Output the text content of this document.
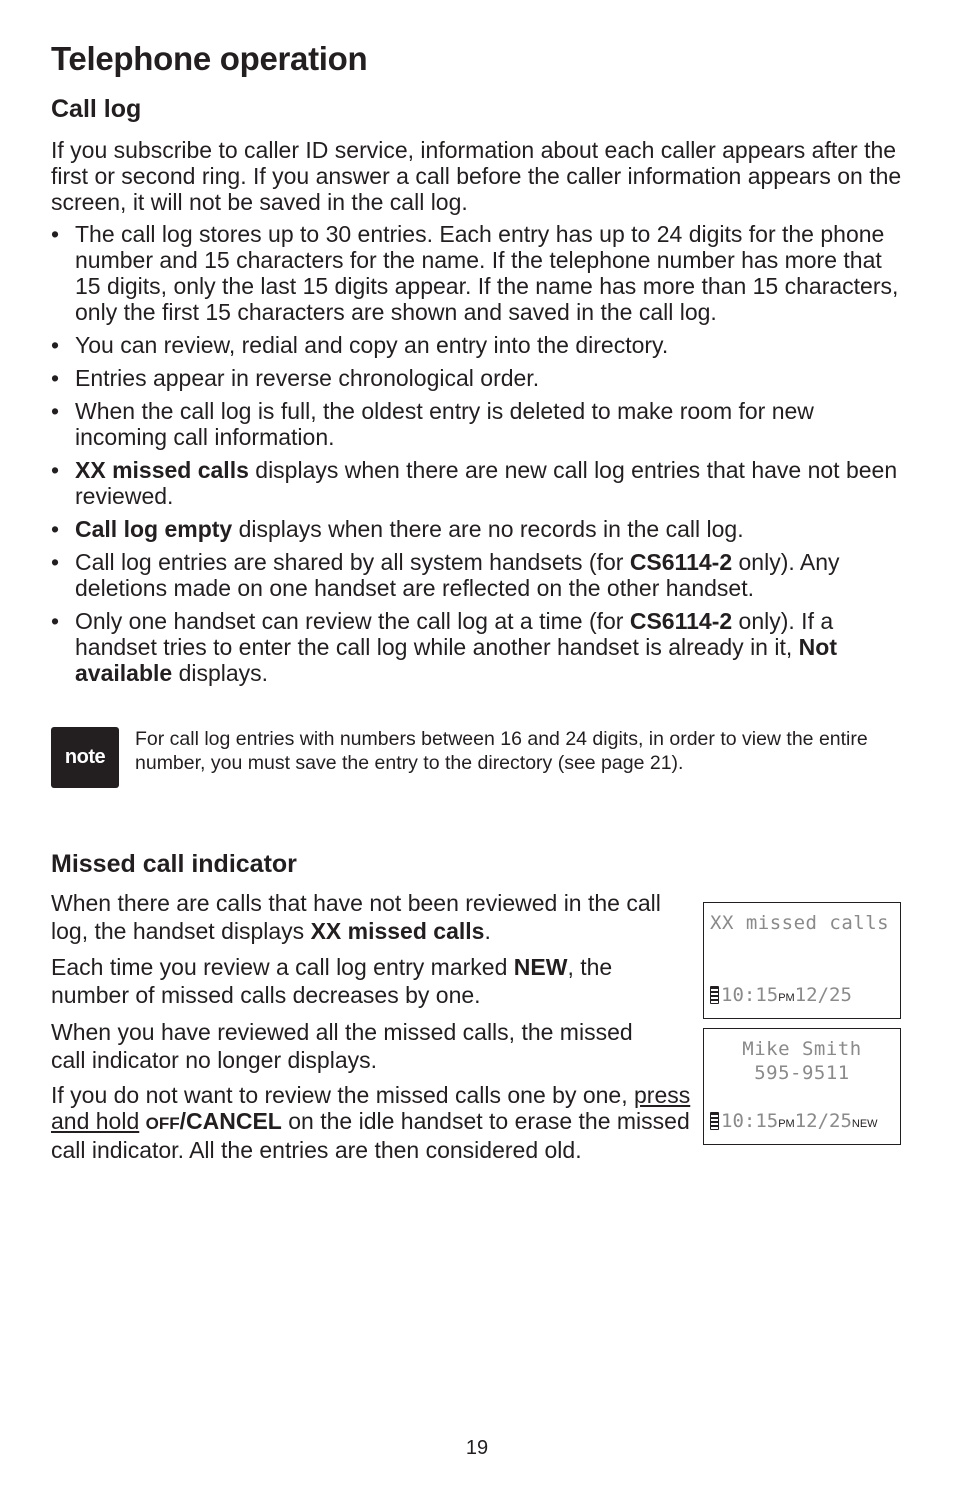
Telephone operation
Call log

If you subscribe to caller ID service, information about each caller appears after the first or second ring. If you answer a call before the caller information appears on the screen, it will not be saved in the call log.

• The call log stores up to 30 entries. Each entry has up to 24 digits for the phone number and 15 characters for the name. If the telephone number has more that 15 digits, only the last 15 digits appear. If the name has more than 15 characters, only the first 15 characters are shown and saved in the call log.
• You can review, redial and copy an entry into the directory.
• Entries appear in reverse chronological order.
• When the call log is full, the oldest entry is deleted to make room for new incoming call information.
• XX missed calls displays when there are new call log entries that have not been reviewed.
• Call log empty displays when there are no records in the call log.
• Call log entries are shared by all system handsets (for CS6114-2 only). Any deletions made on one handset are reflected on the other handset.
• Only one handset can review the call log at a time (for CS6114-2 only). If a handset tries to enter the call log while another handset is already in it, Not available displays.
note

For call log entries with numbers between 16 and 24 digits, in order to view the entire number, you must save the entry to the directory (see page 21).

Missed call indicator

When there are calls that have not been reviewed in the call log, the handset displays XX missed calls.

Each time you review a call log entry marked NEW, the number of missed calls decreases by one.

When you have reviewed all the missed calls, the missed call indicator no longer displays.

If you do not want to review the missed calls one by one, press and hold OFF/CANCEL on the idle handset to erase the missed call indicator. All the entries are then considered old.

XX missed calls
10:15PM12/25
Mike Smith
595-9511
10:15PM12/25NEW
19
